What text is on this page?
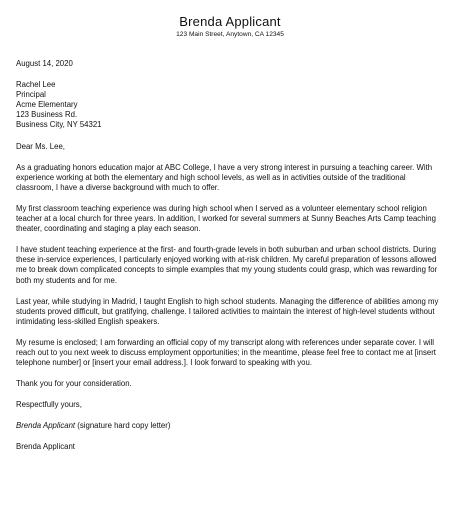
Brenda Applicant
123 Main Street, Anytown, CA 12345
August 14, 2020
Rachel Lee
Principal
Acme Elementary
123 Business Rd.
Business City, NY 54321
Dear Ms. Lee,

As a graduating honors education major at ABC College, I have a very strong interest in pursuing a teaching career. With experience working at both the elementary and high school levels, as well as in activities outside of the traditional classroom, I have a diverse background with much to offer.

My first classroom teaching experience was during high school when I served as a volunteer elementary school religion teacher at a local church for three years. In addition, I worked for several summers at Sunny Beaches Arts Camp teaching theater, coordinating and staging a play each season.

I have student teaching experience at the first- and fourth-grade levels in both suburban and urban school districts. During these in-service experiences, I particularly enjoyed working with at-risk children. My careful preparation of lessons allowed me to break down complicated concepts to simple examples that my young students could grasp, which was rewarding for both my students and for me.

Last year, while studying in Madrid, I taught English to high school students. Managing the difference of abilities among my students proved difficult, but gratifying, challenge. I tailored activities to maintain the interest of high-level students without intimidating less-skilled English speakers.

My resume is enclosed; I am forwarding an official copy of my transcript along with references under separate cover. I will reach out to you next week to discuss employment opportunities; in the meantime, please feel free to contact me at [insert telephone number] or [insert your email address.]. I look forward to speaking with you.

Thank you for your consideration.
Respectfully yours,
Brenda Applicant (signature hard copy letter)
Brenda Applicant
